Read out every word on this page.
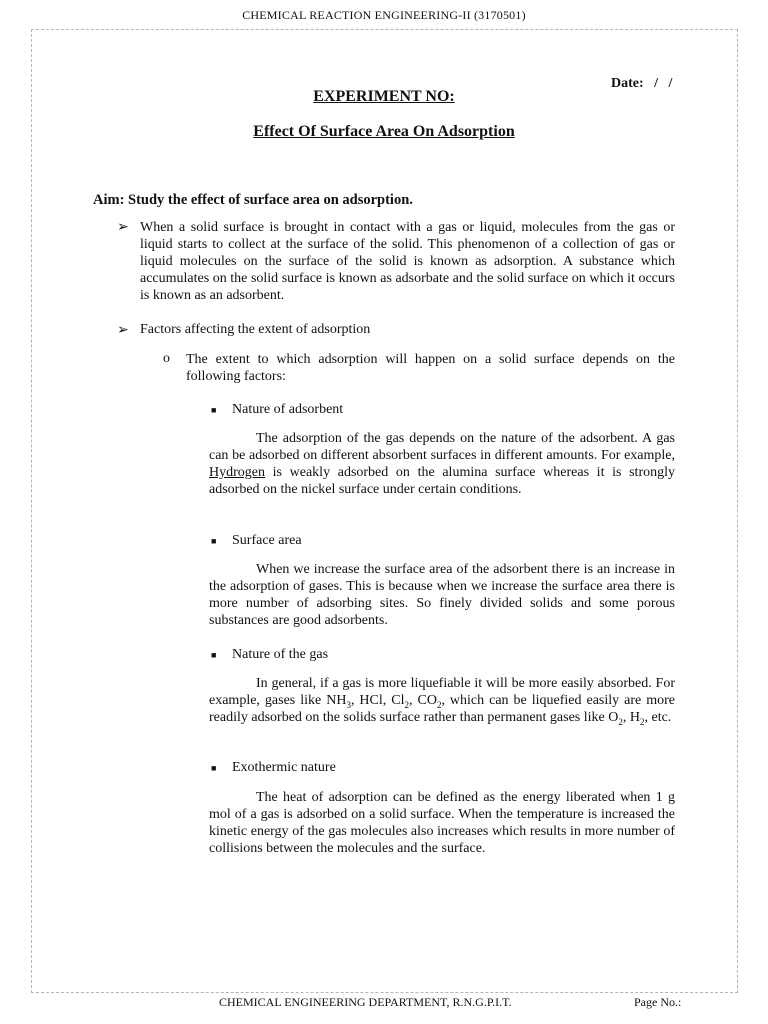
CHEMICAL REACTION ENGINEERING-II (3170501)
Date:   /   /
EXPERIMENT NO:
Effect Of Surface Area On Adsorption
Aim: Study the effect of surface area on adsorption.
➢ When a solid surface is brought in contact with a gas or liquid, molecules from the gas or liquid starts to collect at the surface of the solid. This phenomenon of a collection of gas or liquid molecules on the surface of the solid is known as adsorption. A substance which accumulates on the solid surface is known as adsorbate and the solid surface on which it occurs is known as an adsorbent.
➢ Factors affecting the extent of adsorption
o The extent to which adsorption will happen on a solid surface depends on the following factors:
■ Nature of adsorbent
The adsorption of the gas depends on the nature of the adsorbent. A gas can be adsorbed on different absorbent surfaces in different amounts. For example, Hydrogen is weakly adsorbed on the alumina surface whereas it is strongly adsorbed on the nickel surface under certain conditions.
■ Surface area
When we increase the surface area of the adsorbent there is an increase in the adsorption of gases. This is because when we increase the surface area there is more number of adsorbing sites. So finely divided solids and some porous substances are good adsorbents.
■ Nature of the gas
In general, if a gas is more liquefiable it will be more easily absorbed. For example, gases like $NH_3$, HCl, $Cl_2$, $CO_2$, which can be liquefied easily are more readily adsorbed on the solids surface rather than permanent gases like $O_2$, $H_2$, etc.
■ Exothermic nature
The heat of adsorption can be defined as the energy liberated when 1 g mol of a gas is adsorbed on a solid surface. When the temperature is increased the kinetic energy of the gas molecules also increases which results in more number of collisions between the molecules and the surface.
CHEMICAL ENGINEERING DEPARTMENT, R.N.G.P.I.T.	Page No.:
